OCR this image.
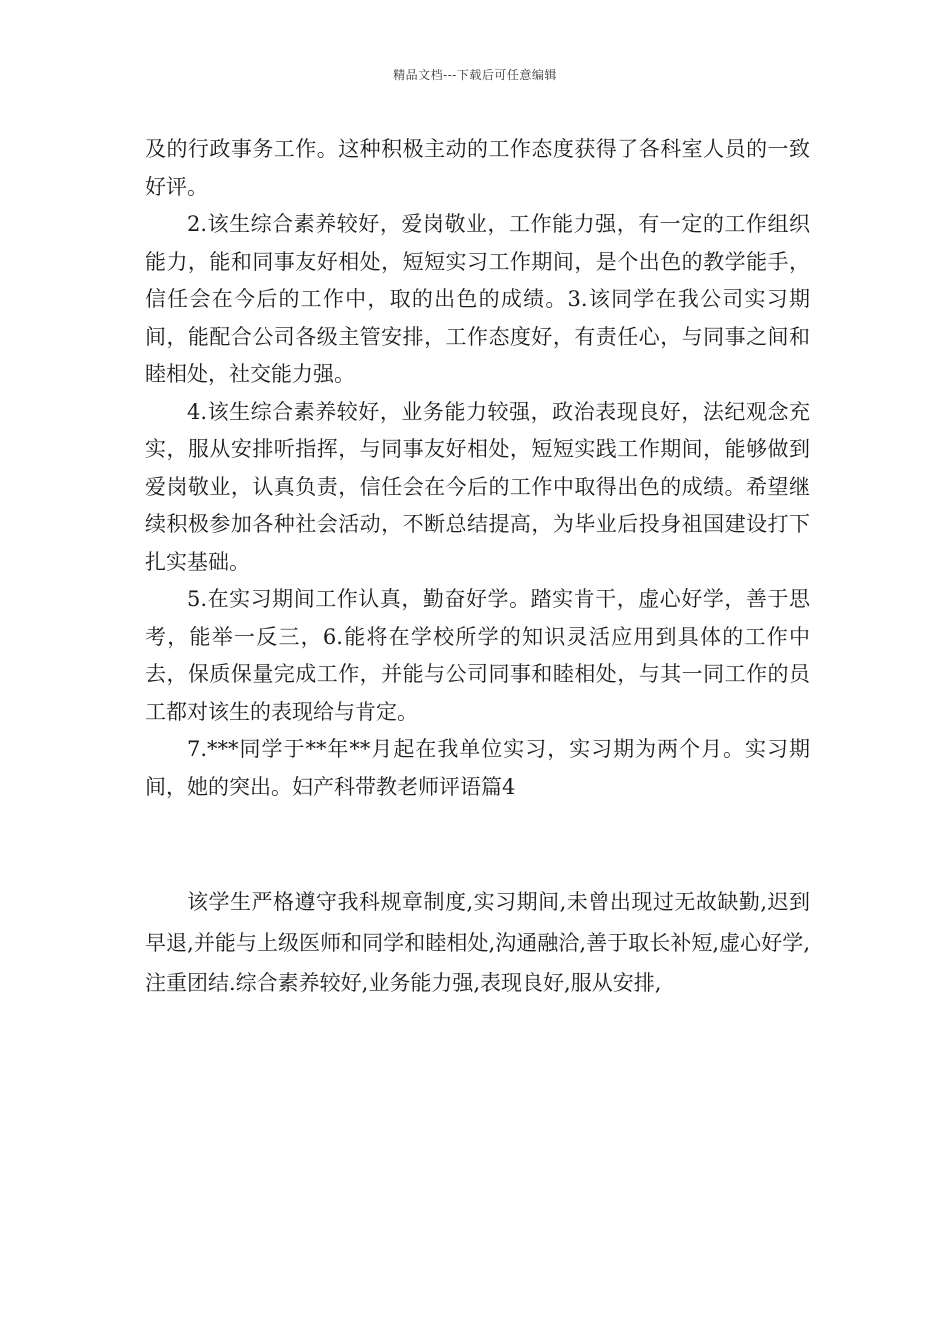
精品文档---下载后可任意编辑

及的行政事务工作。这种积极主动的工作态度获得了各科室人员的一致好评。

2.该生综合素养较好，爱岗敬业，工作能力强，有一定的工作组织能力，能和同事友好相处，短短实习工作期间，是个出色的教学能手，信任会在今后的工作中，取的出色的成绩。3.该同学在我公司实习期间，能配合公司各级主管安排，工作态度好，有责任心，与同事之间和睦相处，社交能力强。

4.该生综合素养较好，业务能力较强，政治表现良好，法纪观念充实，服从安排听指挥，与同事友好相处，短短实践工作期间，能够做到爱岗敬业，认真负责，信任会在今后的工作中取得出色的成绩。希望继续积极参加各种社会活动，不断总结提高，为毕业后投身祖国建设打下扎实基础。

5.在实习期间工作认真，勤奋好学。踏实肯干，虚心好学，善于思考，能举一反三，6.能将在学校所学的知识灵活应用到具体的工作中去，保质保量完成工作，并能与公司同事和睦相处，与其一同工作的员工都对该生的表现给与肯定。

7.***同学于**年**月起在我单位实习，实习期为两个月。实习期间，她的突出。妇产科带教老师评语篇4

该学生严格遵守我科规章制度,实习期间,未曾出现过无故缺勤,迟到早退,并能与上级医师和同学和睦相处,沟通融洽,善于取长补短,虚心好学,注重团结.综合素养较好,业务能力强,表现良好,服从安排,
